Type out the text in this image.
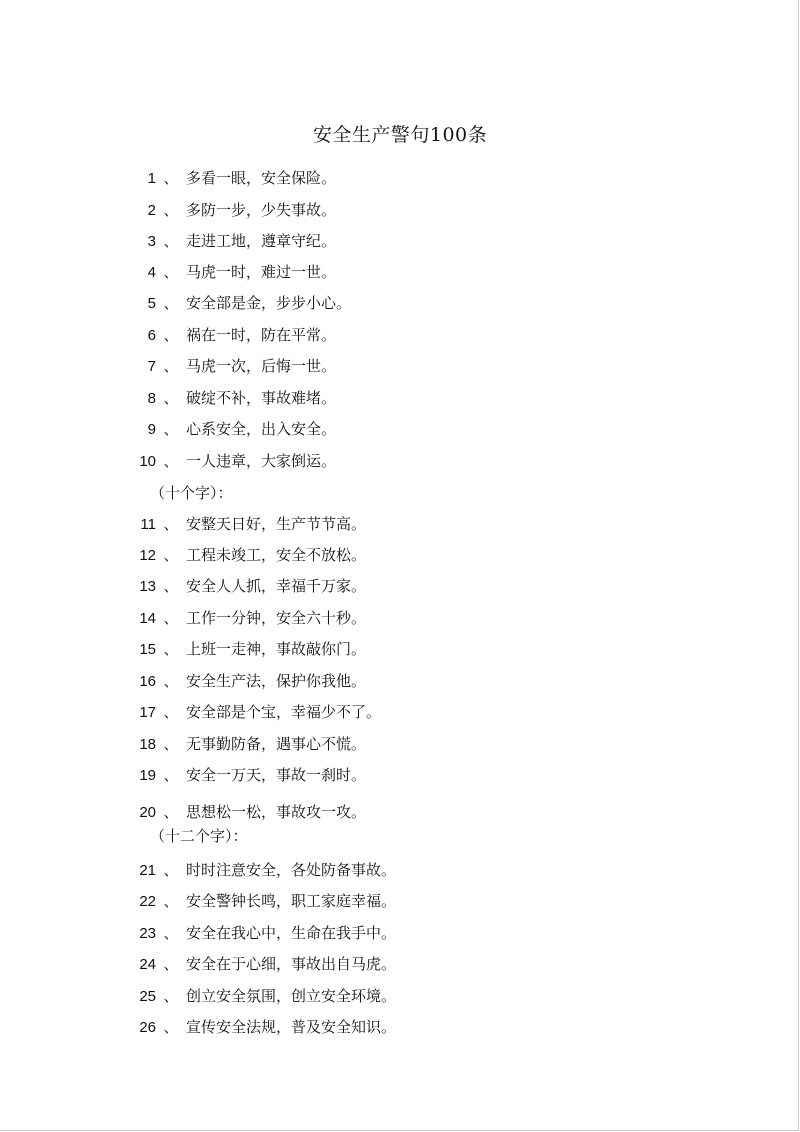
安全生产警句100条
1 、 多看一眼，安全保险。
2 、 多防一步，少失事故。
3 、 走进工地，遵章守纪。
4 、 马虎一时，难过一世。
5 、 安全部是金，步步小心。
6 、 祸在一时，防在平常。
7 、 马虎一次，后悔一世。
8 、 破绽不补，事故难堵。
9 、 心系安全，出入安全。
10 、 一人违章，大家倒运。
（十个字）：
11 、 安整天日好，生产节节高。
12 、 工程未竣工，安全不放松。
13 、 安全人人抓，幸福千万家。
14 、 工作一分钟，安全六十秒。
15 、 上班一走神，事故敲你门。
16 、 安全生产法，保护你我他。
17 、 安全部是个宝，幸福少不了。
18 、 无事勤防备，遇事心不慌。
19 、 安全一万天，事故一刹时。
20 、 思想松一松，事故攻一攻。
（十二个字）：
21 、 时时注意安全，各处防备事故。
22 、 安全警钟长鸣，职工家庭幸福。
23 、 安全在我心中，生命在我手中。
24 、 安全在于心细，事故出自马虎。
25 、 创立安全氛围，创立安全环境。
26 、 宣传安全法规，普及安全知识。
